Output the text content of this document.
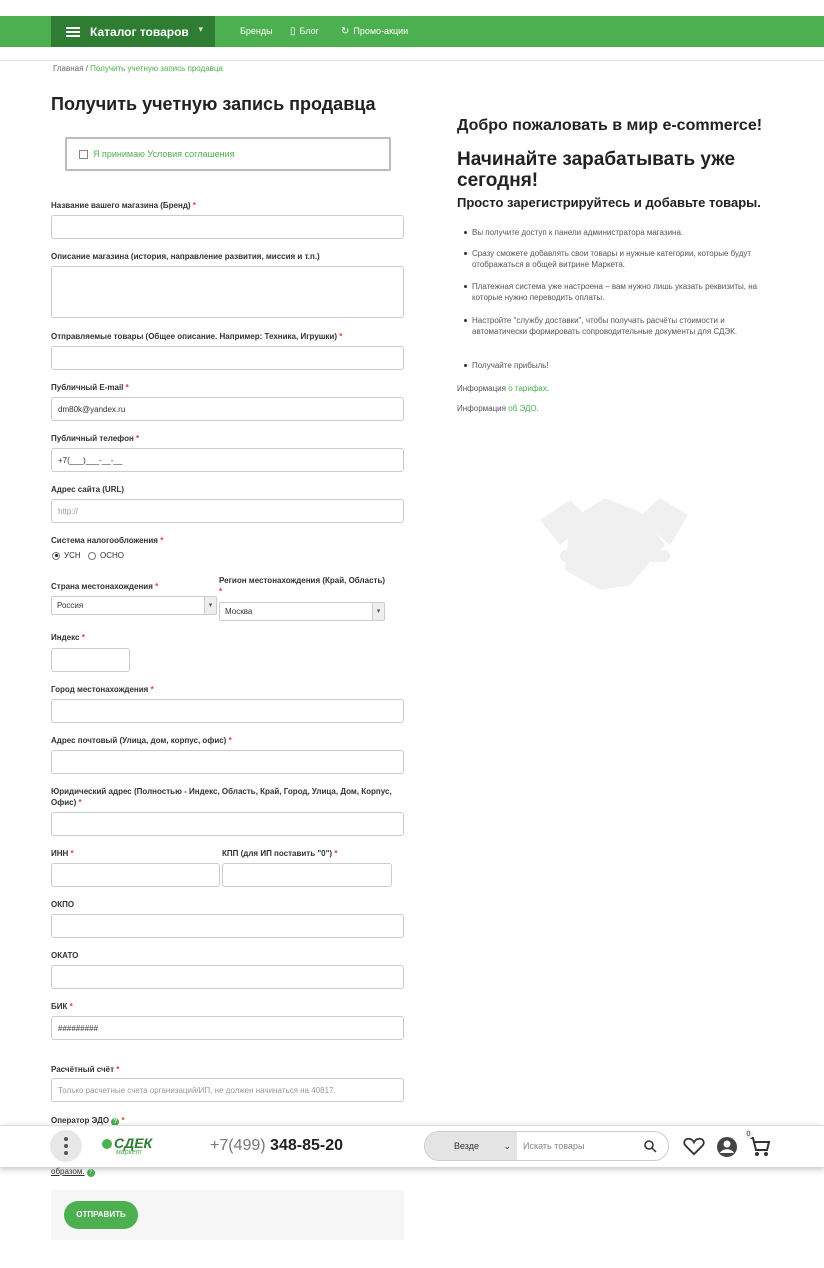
Каталог товаров ▾	Бренды ▯ Блог ↻ Промо-акции
Главная / Получить учетную запись продавца
Получить учетную запись продавца
Я принимаю Условия соглашения
Название вашего магазина (Бренд) *
Описание магазина (история, направление развития, миссия и т.п.)
Отправляемые товары (Общее описание. Например: Техника, Игрушки) *
Публичный E-mail *
dm80k@yandex.ru
Публичный телефон *
+7(___)___-__-__
Адрес сайта (URL)
http://
Система налогообложения *
УСН ОСНО
Страна местонахождения *
Россия	▾
Регион местонахождения (Край, Область) *
Москва	▾
Индекс *
Город местонахождения *
Адрес почтовый (Улица, дом, корпус, офис) *
Юридический адрес (Полностью - Индекс, Область, Край, Город, Улица, Дом, Корпус, Офис) *
ИНН *	КПП (для ИП поставить "0") *
ОКПО
ОКАТО
БИК *
#########
Расчётный счёт *
Только расчетные счета организаций/ИП, не должен начинаться на 40817.
Оператор ЭДО ? *
образом. ?
ОТПРАВИТЬ
Добро пожаловать в мир e-commerce!
Начинайте зарабатывать уже сегодня!
Просто зарегистрируйтесь и добавьте товары.
Вы получите доступ к панели администратора магазина.
Сразу сможете добавлять свои товары и нужные категории, которые будут отображаться в общей витрине Маркета.
Платежная система уже настроена – вам нужно лишь указать реквизиты, на которые нужно переводить оплаты.
Настройте "службу доставки", чтобы получать расчёты стоимости и автоматически формировать сопроводительные документы для СДЭК.
Получайте прибыль!
Информация о тарифах.
Информация об ЭДО.
СДЕК
маркет	+7(499) 348-85-20	Везде	⌄ Искать товары
0
